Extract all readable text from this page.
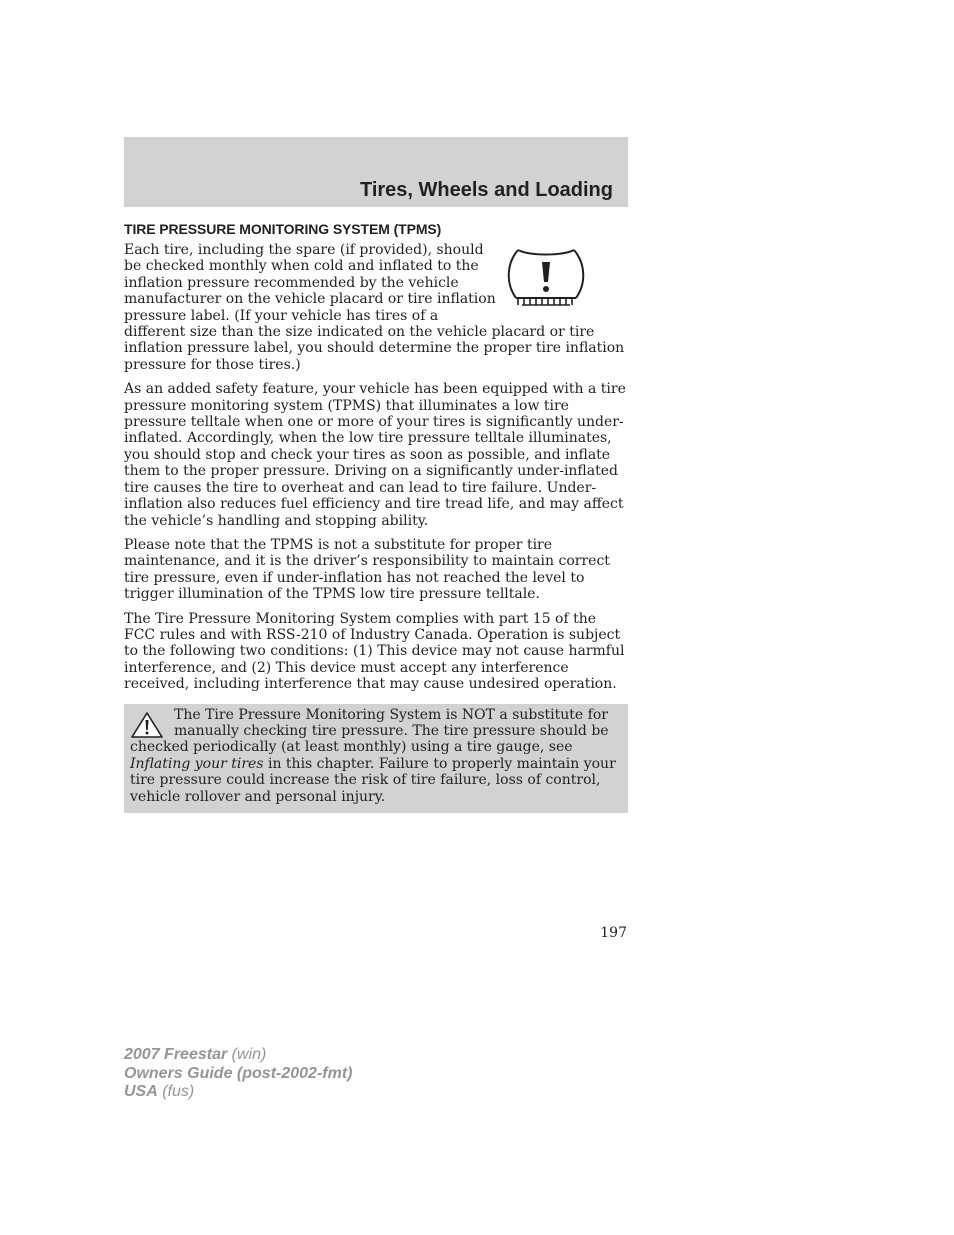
Tires, Wheels and Loading
TIRE PRESSURE MONITORING SYSTEM (TPMS)

Each tire, including the spare (if provided), should be checked monthly when cold and inflated to the inflation pressure recommended by the vehicle manufacturer on the vehicle placard or tire inflation pressure label. (If your vehicle has tires of a different size than the size indicated on the vehicle placard or tire inflation pressure label, you should determine the proper tire inflation pressure for those tires.)

As an added safety feature, your vehicle has been equipped with a tire pressure monitoring system (TPMS) that illuminates a low tire pressure telltale when one or more of your tires is significantly under-inflated. Accordingly, when the low tire pressure telltale illuminates, you should stop and check your tires as soon as possible, and inflate them to the proper pressure. Driving on a significantly under-inflated tire causes the tire to overheat and can lead to tire failure. Under-inflation also reduces fuel efficiency and tire tread life, and may affect the vehicle’s handling and stopping ability.

Please note that the TPMS is not a substitute for proper tire maintenance, and it is the driver’s responsibility to maintain correct tire pressure, even if under-inflation has not reached the level to trigger illumination of the TPMS low tire pressure telltale.

The Tire Pressure Monitoring System complies with part 15 of the FCC rules and with RSS-210 of Industry Canada. Operation is subject to the following two conditions: (1) This device may not cause harmful interference, and (2) This device must accept any interference received, including interference that may cause undesired operation.

The Tire Pressure Monitoring System is NOT a substitute for manually checking tire pressure. The tire pressure should be checked periodically (at least monthly) using a tire gauge, see Inflating your tires in this chapter. Failure to properly maintain your tire pressure could increase the risk of tire failure, loss of control, vehicle rollover and personal injury.
197
2007 Freestar (win)
Owners Guide (post-2002-fmt)
USA (fus)
